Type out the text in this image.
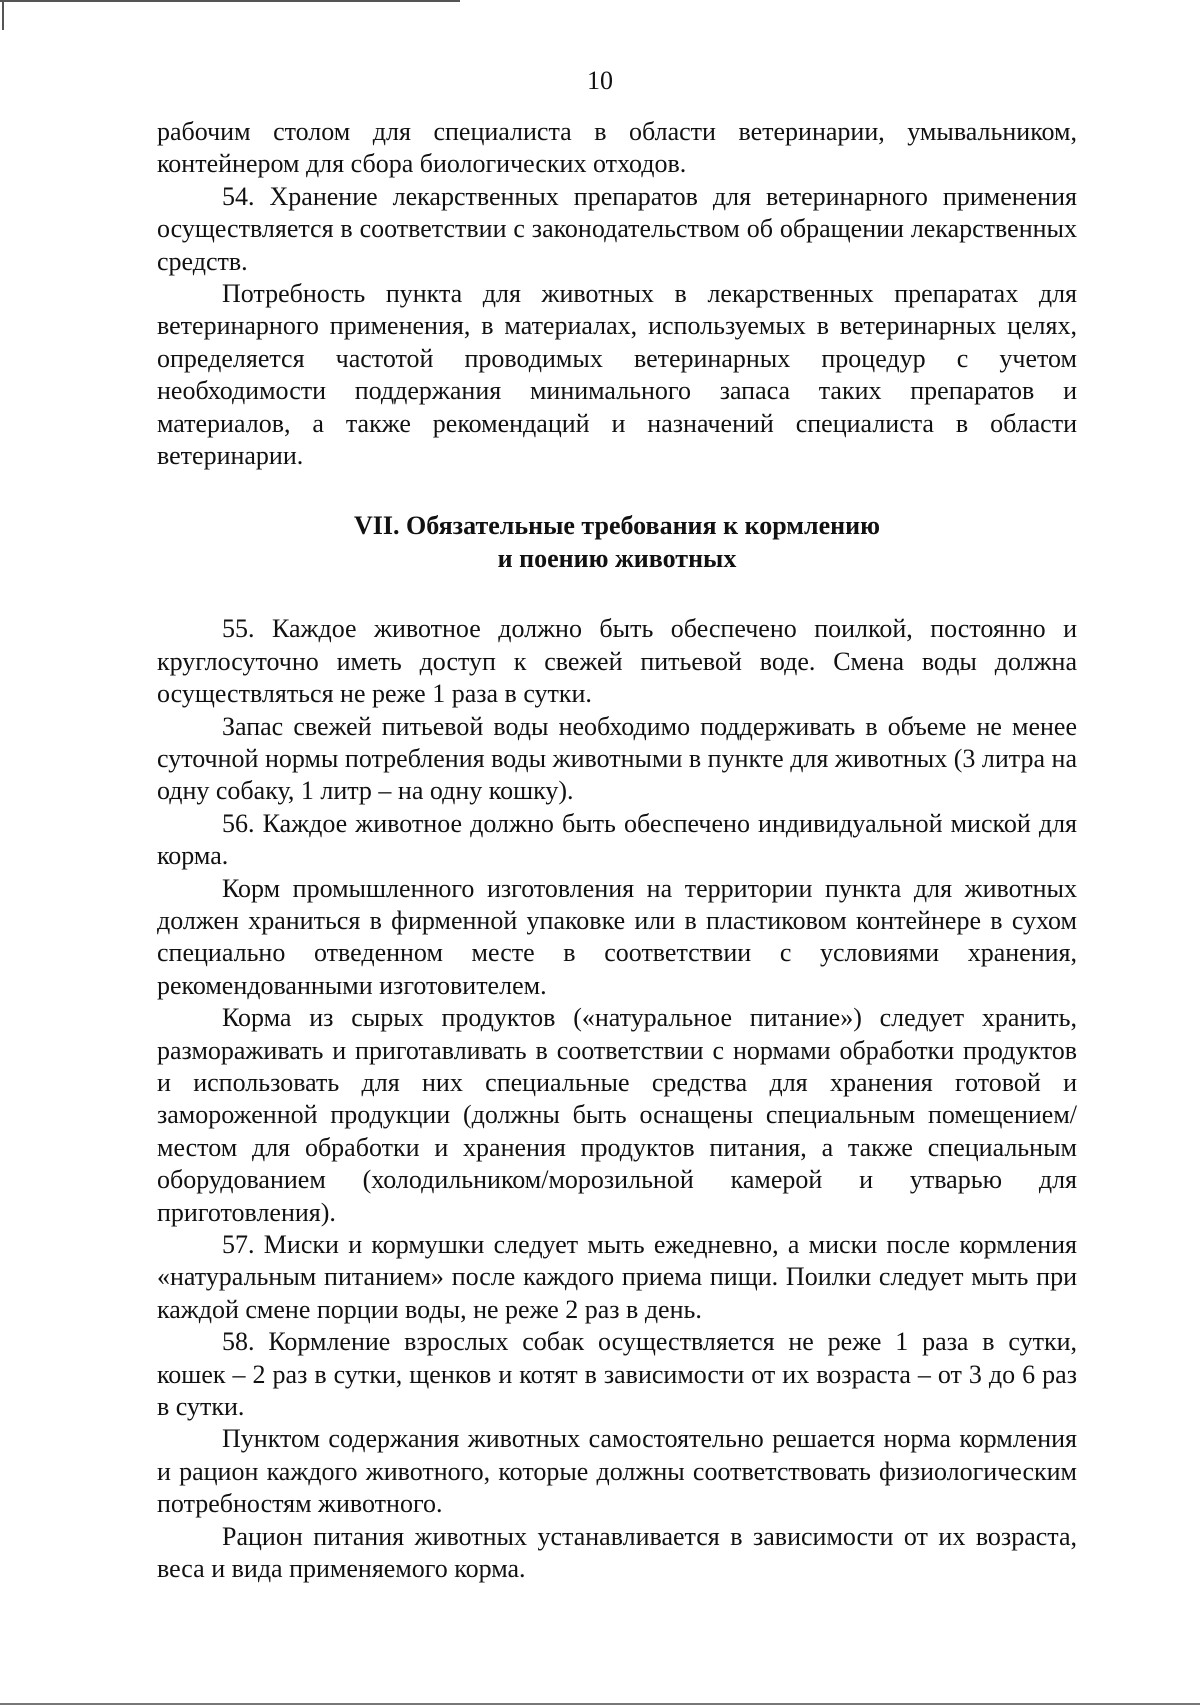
10

рабочим столом для специалиста в области ветеринарии, умывальником, контейнером для сбора биологических отходов.

54. Хранение лекарственных препаратов для ветеринарного применения осуществляется в соответствии с законодательством об обращении лекарственных средств.

Потребность пункта для животных в лекарственных препаратах для ветеринарного применения, в материалах, используемых в ветеринарных целях, определяется частотой проводимых ветеринарных процедур с учетом необходимости поддержания минимального запаса таких препаратов и материалов, а также рекомендаций и назначений специалиста в области ветеринарии.

VII. Обязательные требования к кормлению
и поению животных

55. Каждое животное должно быть обеспечено поилкой, постоянно и круглосуточно иметь доступ к свежей питьевой воде. Смена воды должна осуществляться не реже 1 раза в сутки.

Запас свежей питьевой воды необходимо поддерживать в объеме не менее суточной нормы потребления воды животными в пункте для животных (3 литра на одну собаку, 1 литр – на одну кошку).

56. Каждое животное должно быть обеспечено индивидуальной миской для корма.

Корм промышленного изготовления на территории пункта для животных должен храниться в фирменной упаковке или в пластиковом контейнере в сухом специально отведенном месте в соответствии с условиями хранения, рекомендованными изготовителем.

Корма из сырых продуктов («натуральное питание») следует хранить, размораживать и приготавливать в соответствии с нормами обработки продуктов и использовать для них специальные средства для хранения готовой и замороженной продукции (должны быть оснащены специальным помещением/местом для обработки и хранения продуктов питания, а также специальным оборудованием (холодильником/морозильной камерой и утварью для приготовления).

57. Миски и кормушки следует мыть ежедневно, а миски после кормления «натуральным питанием» после каждого приема пищи. Поилки следует мыть при каждой смене порции воды, не реже 2 раз в день.

58. Кормление взрослых собак осуществляется не реже 1 раза в сутки, кошек – 2 раз в сутки, щенков и котят в зависимости от их возраста – от 3 до 6 раз в сутки.

Пунктом содержания животных самостоятельно решается норма кормления и рацион каждого животного, которые должны соответствовать физиологическим потребностям животного.

Рацион питания животных устанавливается в зависимости от их возраста, веса и вида применяемого корма.
